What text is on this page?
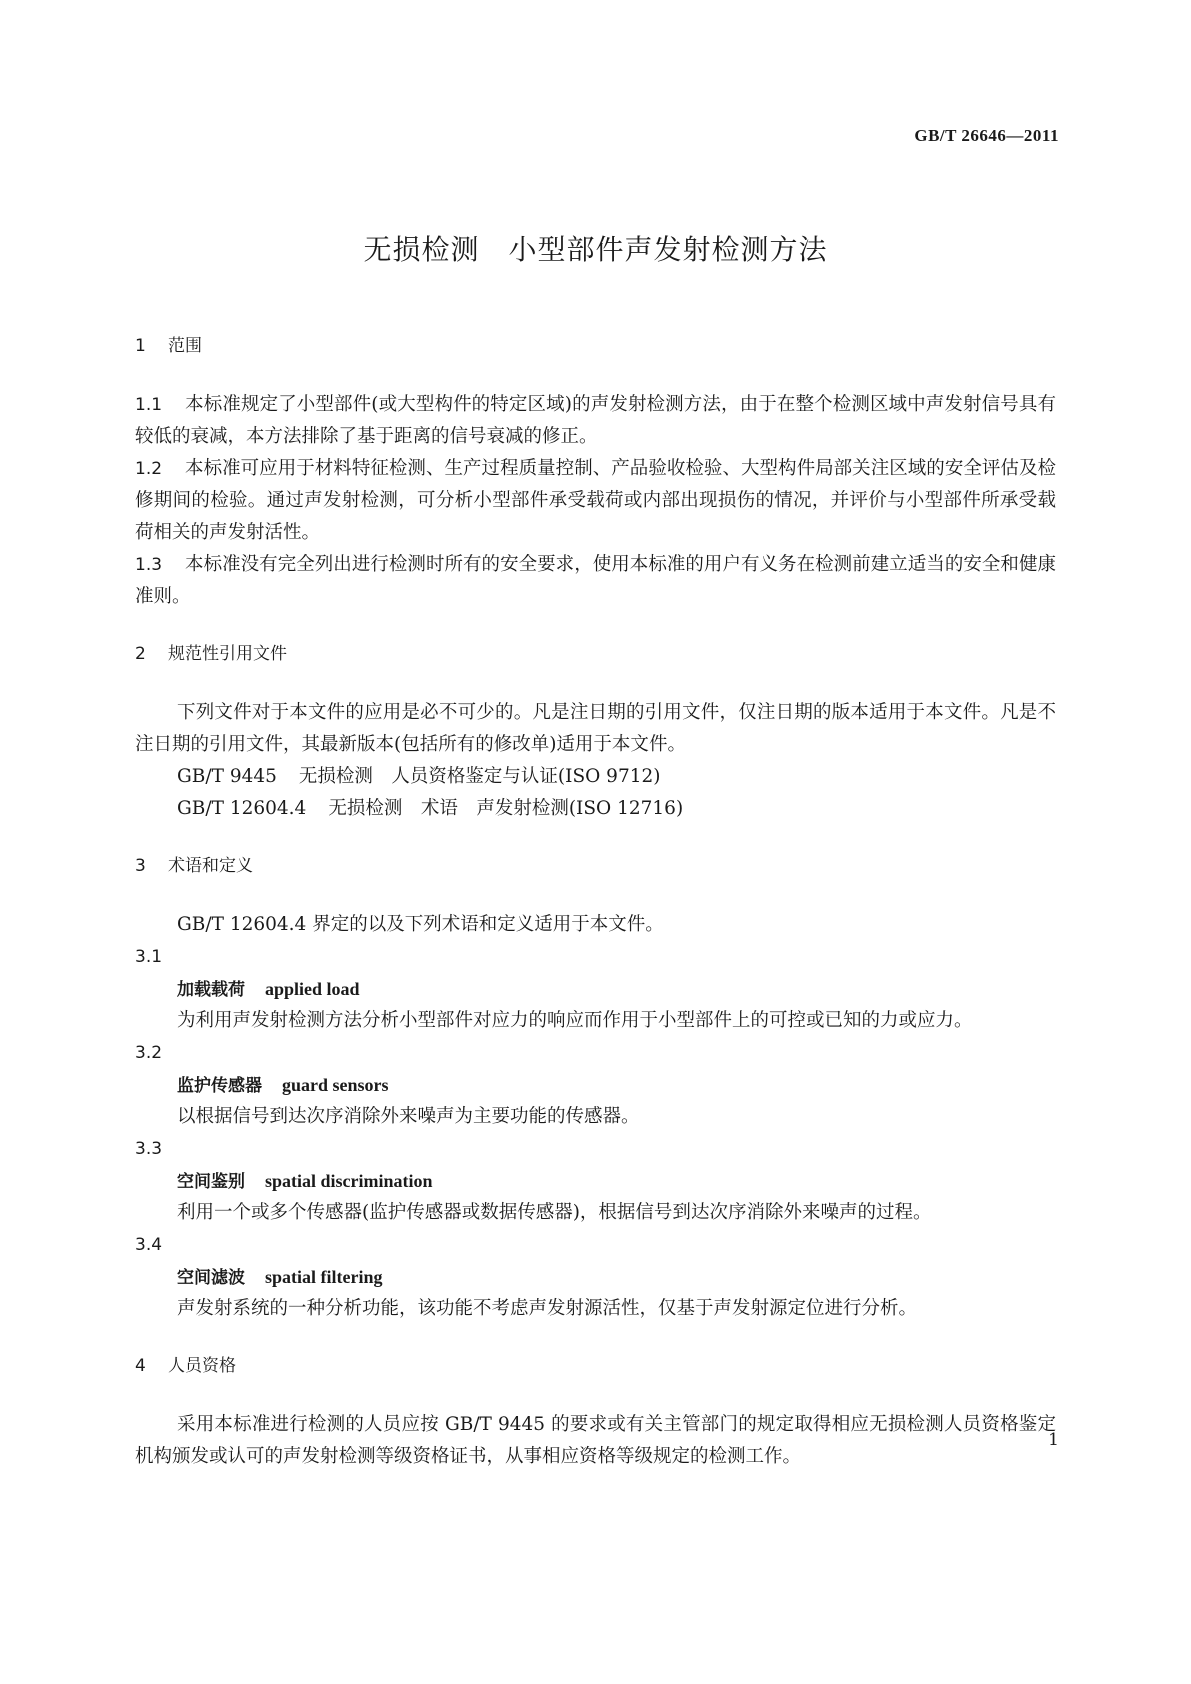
GB/T 26646—2011
无损检测　小型部件声发射检测方法
1 范围
1.1 本标准规定了小型部件(或大型构件的特定区域)的声发射检测方法，由于在整个检测区域中声发射信号具有较低的衰减，本方法排除了基于距离的信号衰减的修正。
1.2 本标准可应用于材料特征检测、生产过程质量控制、产品验收检验、大型构件局部关注区域的安全评估及检修期间的检验。通过声发射检测，可分析小型部件承受载荷或内部出现损伤的情况，并评价与小型部件所承受载荷相关的声发射活性。
1.3 本标准没有完全列出进行检测时所有的安全要求，使用本标准的用户有义务在检测前建立适当的安全和健康准则。
2 规范性引用文件
下列文件对于本文件的应用是必不可少的。凡是注日期的引用文件，仅注日期的版本适用于本文件。凡是不注日期的引用文件，其最新版本(包括所有的修改单)适用于本文件。
GB/T 9445 无损检测　人员资格鉴定与认证(ISO 9712)
GB/T 12604.4 无损检测　术语　声发射检测(ISO 12716)
3 术语和定义
GB/T 12604.4 界定的以及下列术语和定义适用于本文件。
3.1
加载载荷 applied load
为利用声发射检测方法分析小型部件对应力的响应而作用于小型部件上的可控或已知的力或应力。
3.2
监护传感器 guard sensors
以根据信号到达次序消除外来噪声为主要功能的传感器。
3.3
空间鉴别 spatial discrimination
利用一个或多个传感器(监护传感器或数据传感器)，根据信号到达次序消除外来噪声的过程。
3.4
空间滤波 spatial filtering
声发射系统的一种分析功能，该功能不考虑声发射源活性，仅基于声发射源定位进行分析。
4 人员资格
采用本标准进行检测的人员应按 GB/T 9445 的要求或有关主管部门的规定取得相应无损检测人员资格鉴定机构颁发或认可的声发射检测等级资格证书，从事相应资格等级规定的检测工作。
1
